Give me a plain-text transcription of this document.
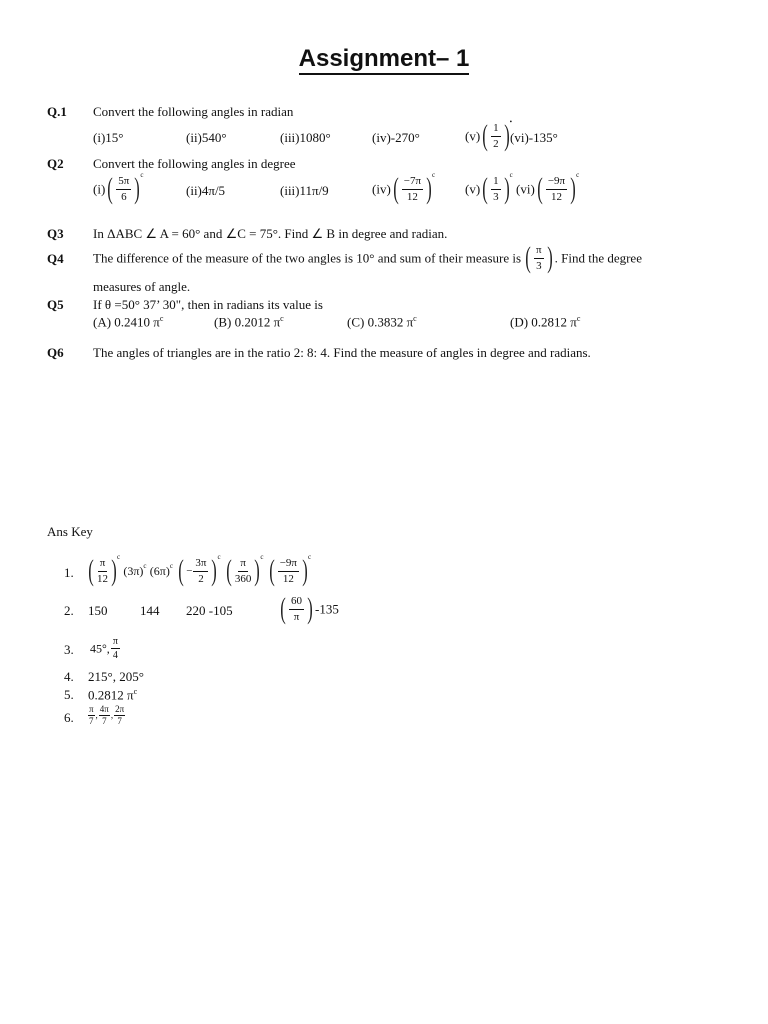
Assignment– 1
Q.1 Convert the following angles in radian
(i)15°	(ii)540°	(iii)1080°	(iv)-270°	(v) ( $\frac{1}{2}$ ) •
(vi)-135°
Q2 Convert the following angles in degree
(i) ( $\frac{5\pi}{6}$ ) c
(ii)4π/5	(iii)11π/9	(iv) ( $\frac{-7\pi}{12}$ ) c
(v) ( $\frac{1}{3}$ ) c
(vi) ( $\frac{-9\pi}{12}$ ) c
Q3 In ΔABC ∠ A = 60° and ∠C = 75°. Find ∠ B in degree and radian.
Q4 The difference of the measure of the two angles is 10° and sum of their measure is ( $\frac{\pi}{3}$ ) . Find the degree
measures of angle.
Q5 If θ =50° 37’ 30", then in radians its value is
(A) 0.2410 $\pi^c$	(B) 0.2012 $\pi^c$	(C) 0.3832 $\pi^c$	(D) 0.2812 $\pi^c$
Q6 The angles of triangles are in the ratio 2: 8: 4. Find the measure of angles in degree and radians.
Ans Key
1. ( $\frac{\pi}{12}$ ) c

(3π) c
(6π) c
( − $\frac{3\pi}{2}$ ) c
( $\frac{\pi}{360}$ ) c
( $\frac{-9\pi}{12}$ ) c
2. 150	144 220 -105 ( $\frac{60}{\pi}$ ) -135
3. 45°, $\frac{\pi}{4}$
4. 215°, 205°
5. 0.2812 $\pi^c$
6. $\frac{\pi}{7}$ , $\frac{4\pi}{7}$ , $\frac{2\pi}{7}$
